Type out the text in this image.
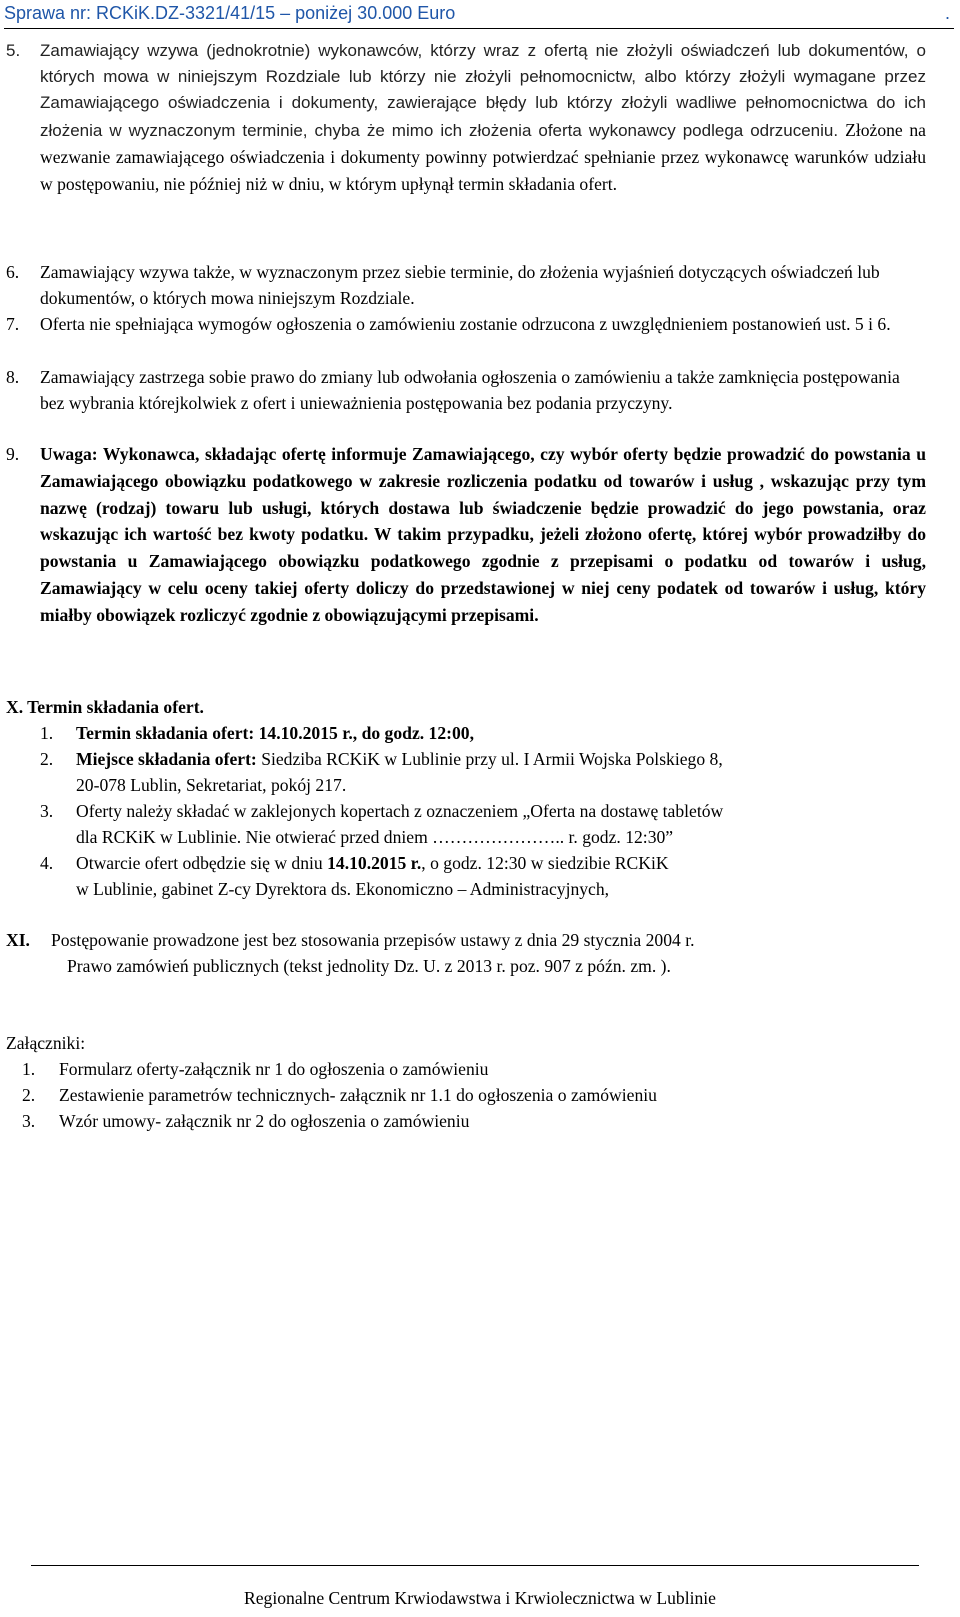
Sprawa nr: RCKiK.DZ-3321/41/15 – poniżej 30.000 Euro	.
5. Zamawiający wzywa (jednokrotnie) wykonawców, którzy wraz z ofertą nie złożyli oświadczeń lub dokumentów, o których mowa w niniejszym Rozdziale lub którzy nie złożyli pełnomocnictw, albo którzy złożyli wymagane przez Zamawiającego oświadczenia i dokumenty, zawierające błędy lub którzy złożyli wadliwe pełnomocnictwa do ich złożenia w wyznaczonym terminie, chyba że mimo ich złożenia oferta wykonawcy podlega odrzuceniu. Złożone na wezwanie zamawiającego oświadczenia i dokumenty powinny potwierdzać spełnianie przez wykonawcę warunków udziału w postępowaniu, nie później niż w dniu, w którym upłynął termin składania ofert.
6. Zamawiający wzywa także, w wyznaczonym przez siebie terminie, do złożenia wyjaśnień dotyczących oświadczeń lub dokumentów, o których mowa niniejszym Rozdziale.
7. Oferta nie spełniająca wymogów ogłoszenia o zamówieniu zostanie odrzucona z uwzględnieniem postanowień ust. 5 i 6.
8. Zamawiający zastrzega sobie prawo do zmiany lub odwołania ogłoszenia o zamówieniu a także zamknięcia postępowania bez wybrania którejkolwiek z ofert i unieważnienia postępowania bez podania przyczyny.
9. Uwaga: Wykonawca, składając ofertę informuje Zamawiającego, czy wybór oferty będzie prowadzić do powstania u Zamawiającego obowiązku podatkowego w zakresie rozliczenia podatku od towarów i usług , wskazując przy tym nazwę (rodzaj) towaru lub usługi, których dostawa lub świadczenie będzie prowadzić do jego powstania, oraz wskazując ich wartość bez kwoty podatku. W takim przypadku, jeżeli złożono ofertę, której wybór prowadziłby do powstania u Zamawiającego obowiązku podatkowego zgodnie z przepisami o podatku od towarów i usług, Zamawiający w celu oceny takiej oferty doliczy do przedstawionej w niej ceny podatek od towarów i usług, który miałby obowiązek rozliczyć zgodnie z obowiązującymi przepisami.
X. Termin składania ofert.
1. Termin składania ofert: 14.10.2015 r., do godz. 12:00,
2. Miejsce składania ofert: Siedziba RCKiK w Lublinie przy ul. I Armii Wojska Polskiego 8,
20-078 Lublin, Sekretariat, pokój 217.
3. Oferty należy składać w zaklejonych kopertach z oznaczeniem „Oferta na dostawę tabletów
dla RCKiK w Lublinie. Nie otwierać przed dniem ………………….. r. godz. 12:30”
4. Otwarcie ofert odbędzie się w dniu 14.10.2015 r., o godz. 12:30 w siedzibie RCKiK
w Lublinie, gabinet Z-cy Dyrektora ds. Ekonomiczno – Administracyjnych,
XI. Postępowanie prowadzone jest bez stosowania przepisów ustawy z dnia 29 stycznia 2004 r.
Prawo zamówień publicznych (tekst jednolity Dz. U. z 2013 r. poz. 907 z późn. zm. ).
Załączniki:
1. Formularz oferty-załącznik nr 1 do ogłoszenia o zamówieniu
2. Zestawienie parametrów technicznych- załącznik nr 1.1 do ogłoszenia o zamówieniu
3. Wzór umowy- załącznik nr 2 do ogłoszenia o zamówieniu
Regionalne Centrum Krwiodawstwa i Krwiolecznictwa w Lublinie
